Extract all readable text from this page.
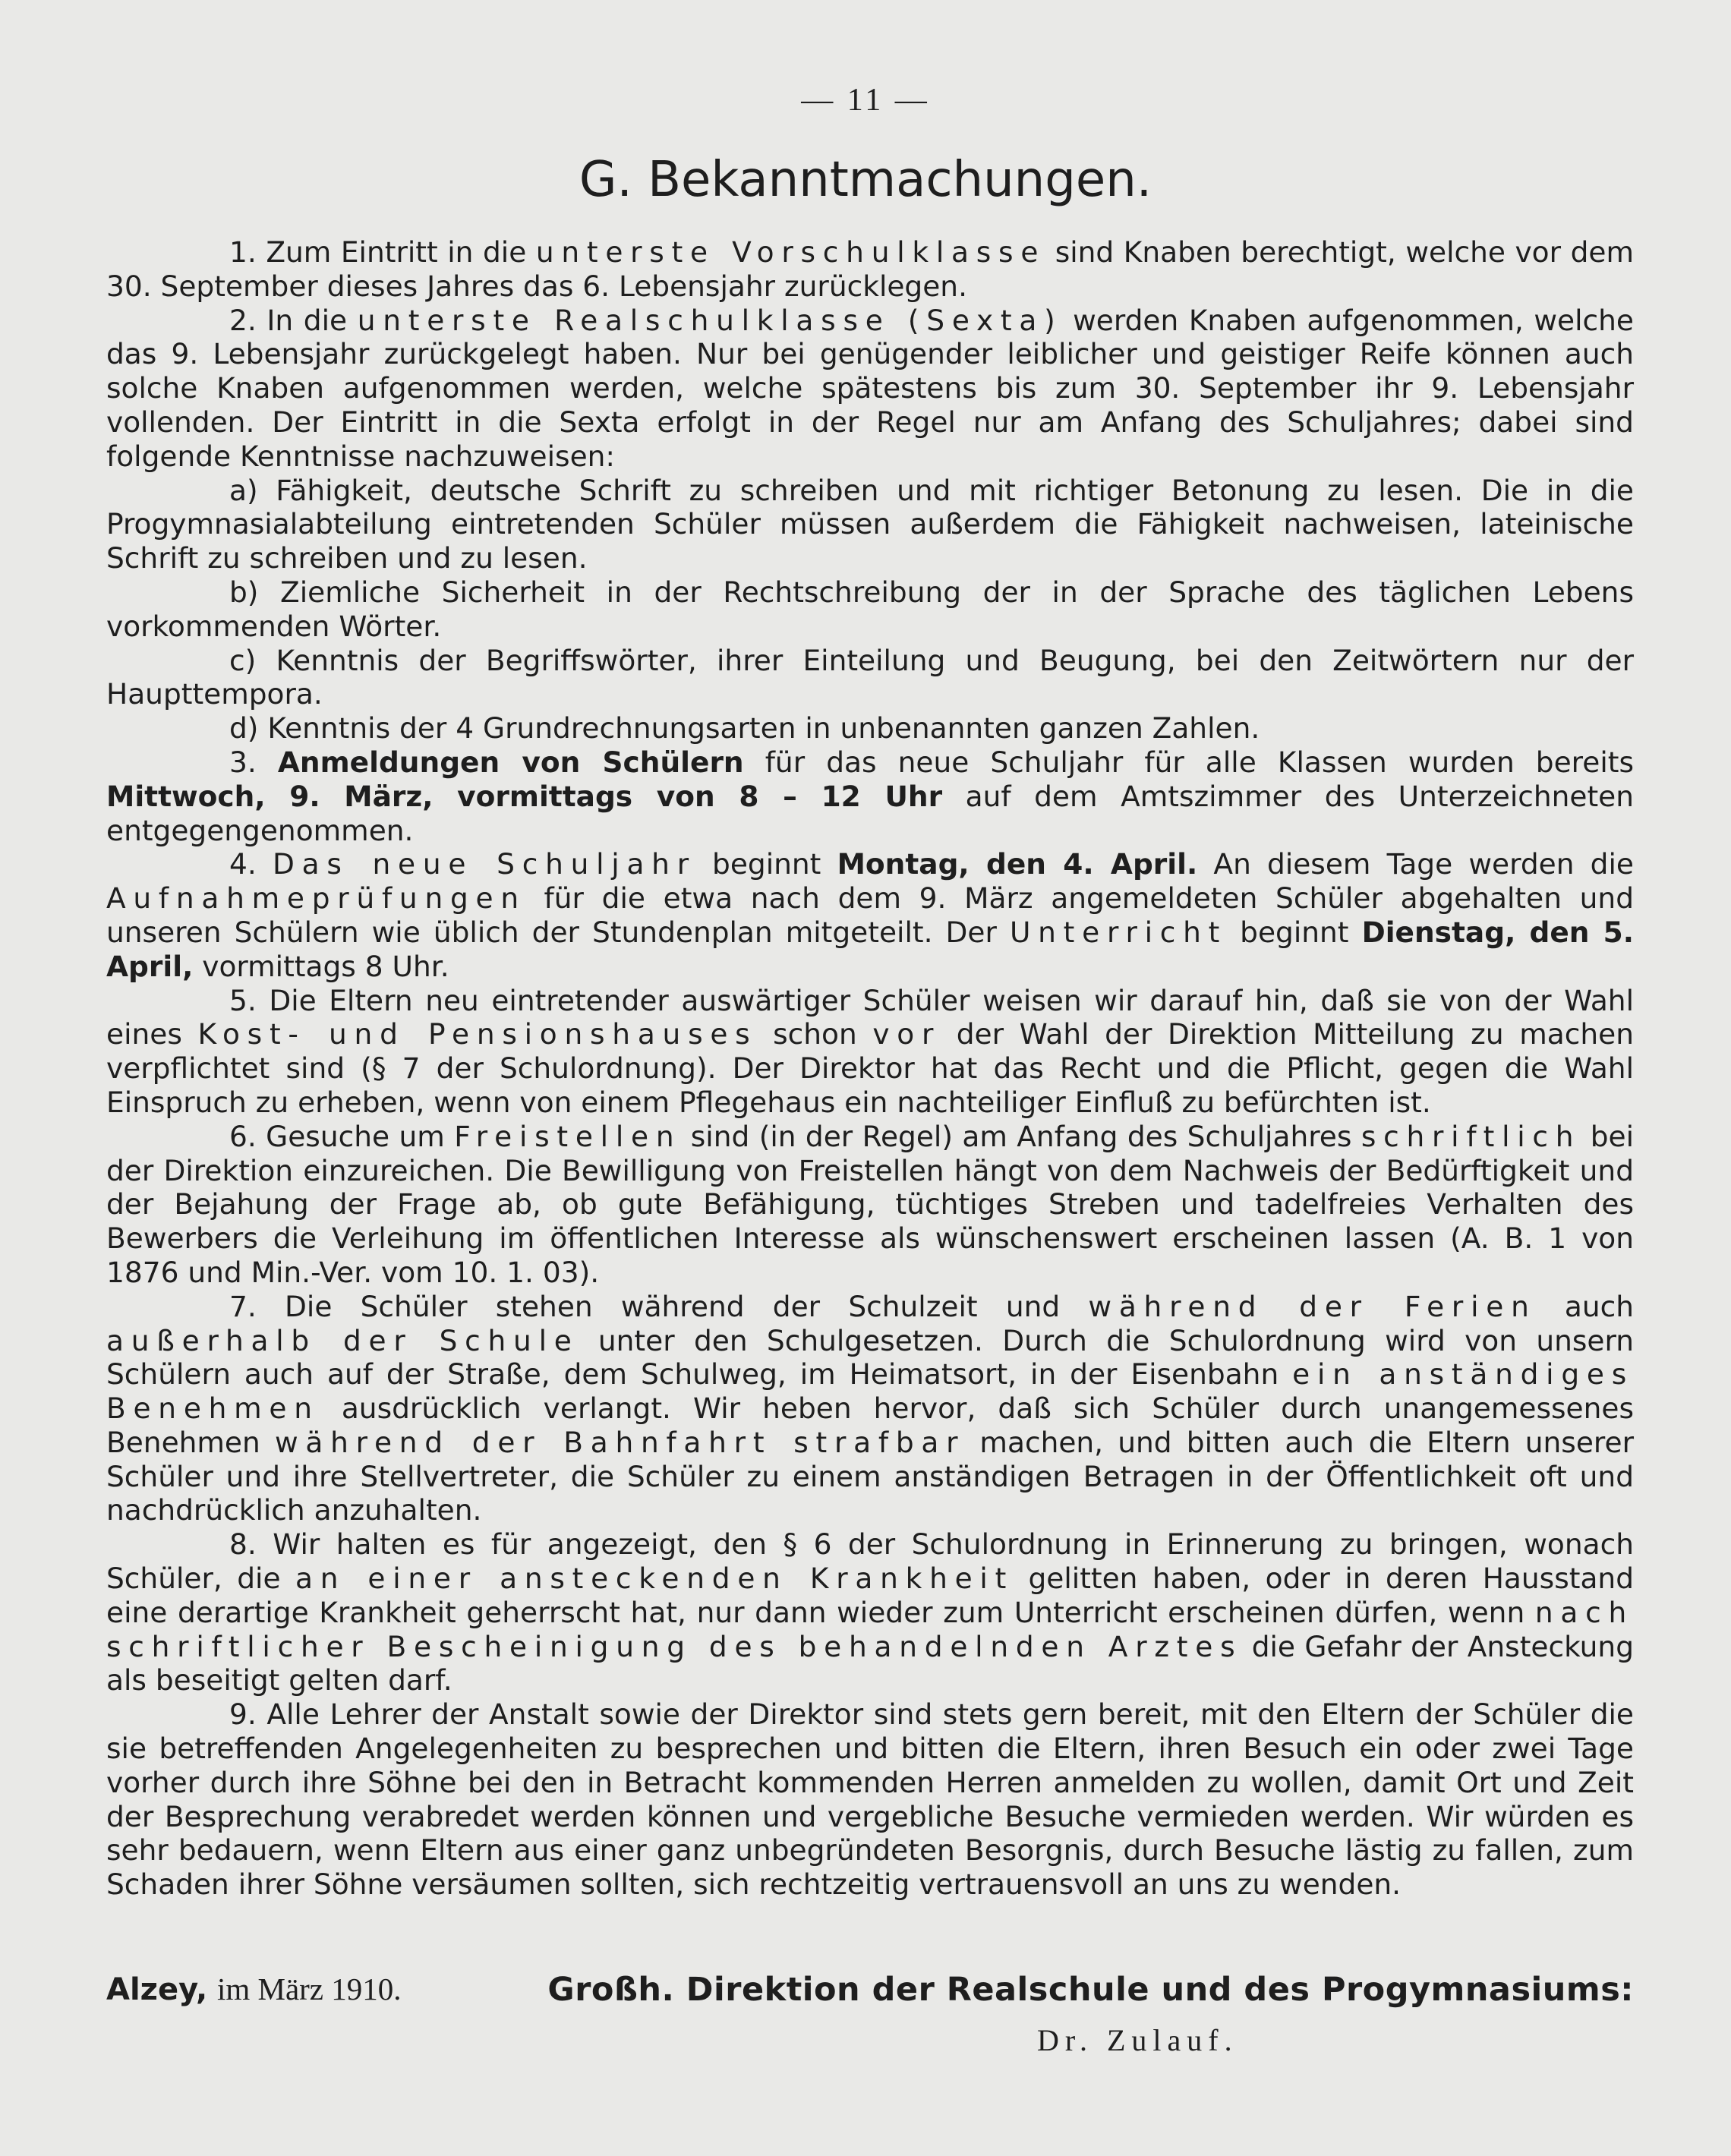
— 11 —
G. Bekanntmachungen.

1. Zum Eintritt in die unterste Vorschulklasse sind Knaben berechtigt, welche vor dem 30. September dieses Jahres das 6. Lebensjahr zurücklegen.

2. In die unterste Realschulklasse (Sexta) werden Knaben aufgenommen, welche das 9. Lebensjahr zurückgelegt haben. Nur bei genügender leiblicher und geistiger Reife können auch solche Knaben aufgenommen werden, welche spätestens bis zum 30. September ihr 9. Lebensjahr vollenden. Der Eintritt in die Sexta erfolgt in der Regel nur am Anfang des Schuljahres; dabei sind folgende Kenntnisse nachzuweisen:

a) Fähigkeit, deutsche Schrift zu schreiben und mit richtiger Betonung zu lesen. Die in die Progymnasialabteilung eintretenden Schüler müssen außerdem die Fähigkeit nachweisen, lateinische Schrift zu schreiben und zu lesen.

b) Ziemliche Sicherheit in der Rechtschreibung der in der Sprache des täglichen Lebens vorkommenden Wörter.

c) Kenntnis der Begriffswörter, ihrer Einteilung und Beugung, bei den Zeitwörtern nur der Haupttempora.

d) Kenntnis der 4 Grundrechnungsarten in unbenannten ganzen Zahlen.

3. Anmeldungen von Schülern für das neue Schuljahr für alle Klassen wurden bereits Mittwoch, 9. März, vormittags von 8 – 12 Uhr auf dem Amtszimmer des Unterzeichneten entgegengenommen.

4. Das neue Schuljahr beginnt Montag, den 4. April. An diesem Tage werden die Aufnahmeprüfungen für die etwa nach dem 9. März angemeldeten Schüler abgehalten und unseren Schülern wie üblich der Stundenplan mitgeteilt. Der Unterricht beginnt Dienstag, den 5. April, vormittags 8 Uhr.

5. Die Eltern neu eintretender auswärtiger Schüler weisen wir darauf hin, daß sie von der Wahl eines Kost- und Pensionshauses schon vor der Wahl der Direktion Mitteilung zu machen verpflichtet sind (§ 7 der Schulordnung). Der Direktor hat das Recht und die Pflicht, gegen die Wahl Einspruch zu erheben, wenn von einem Pflegehaus ein nachteiliger Einfluß zu befürchten ist.

6. Gesuche um Freistellen sind (in der Regel) am Anfang des Schuljahres schriftlich bei der Direktion einzureichen. Die Bewilligung von Freistellen hängt von dem Nachweis der Bedürftigkeit und der Bejahung der Frage ab, ob gute Befähigung, tüchtiges Streben und tadelfreies Verhalten des Bewerbers die Verleihung im öffentlichen Interesse als wünschenswert erscheinen lassen (A. B. 1 von 1876 und Min.-Ver. vom 10. 1. 03).

7. Die Schüler stehen während der Schulzeit und während der Ferien auch außerhalb der Schule unter den Schulgesetzen. Durch die Schulordnung wird von unsern Schülern auch auf der Straße, dem Schulweg, im Heimatsort, in der Eisenbahn ein anständiges Benehmen ausdrücklich verlangt. Wir heben hervor, daß sich Schüler durch unangemessenes Benehmen während der Bahnfahrt strafbar machen, und bitten auch die Eltern unserer Schüler und ihre Stellvertreter, die Schüler zu einem anständigen Betragen in der Öffentlichkeit oft und nachdrücklich anzuhalten.

8. Wir halten es für angezeigt, den § 6 der Schulordnung in Erinnerung zu bringen, wonach Schüler, die an einer ansteckenden Krankheit gelitten haben, oder in deren Hausstand eine derartige Krankheit geherrscht hat, nur dann wieder zum Unterricht erscheinen dürfen, wenn nach schriftlicher Bescheinigung des behandelnden Arztes die Gefahr der Ansteckung als beseitigt gelten darf.

9. Alle Lehrer der Anstalt sowie der Direktor sind stets gern bereit, mit den Eltern der Schüler die sie betreffenden Angelegenheiten zu besprechen und bitten die Eltern, ihren Besuch ein oder zwei Tage vorher durch ihre Söhne bei den in Betracht kommenden Herren anmelden zu wollen, damit Ort und Zeit der Besprechung verabredet werden können und vergebliche Besuche vermieden werden. Wir würden es sehr bedauern, wenn Eltern aus einer ganz unbegründeten Besorgnis, durch Besuche lästig zu fallen, zum Schaden ihrer Söhne versäumen sollten, sich rechtzeitig vertrauensvoll an uns zu wenden.

Alzey, im März 1910.	Großh. Direktion der Realschule und des Progymnasiums:
Dr. Zulauf.
